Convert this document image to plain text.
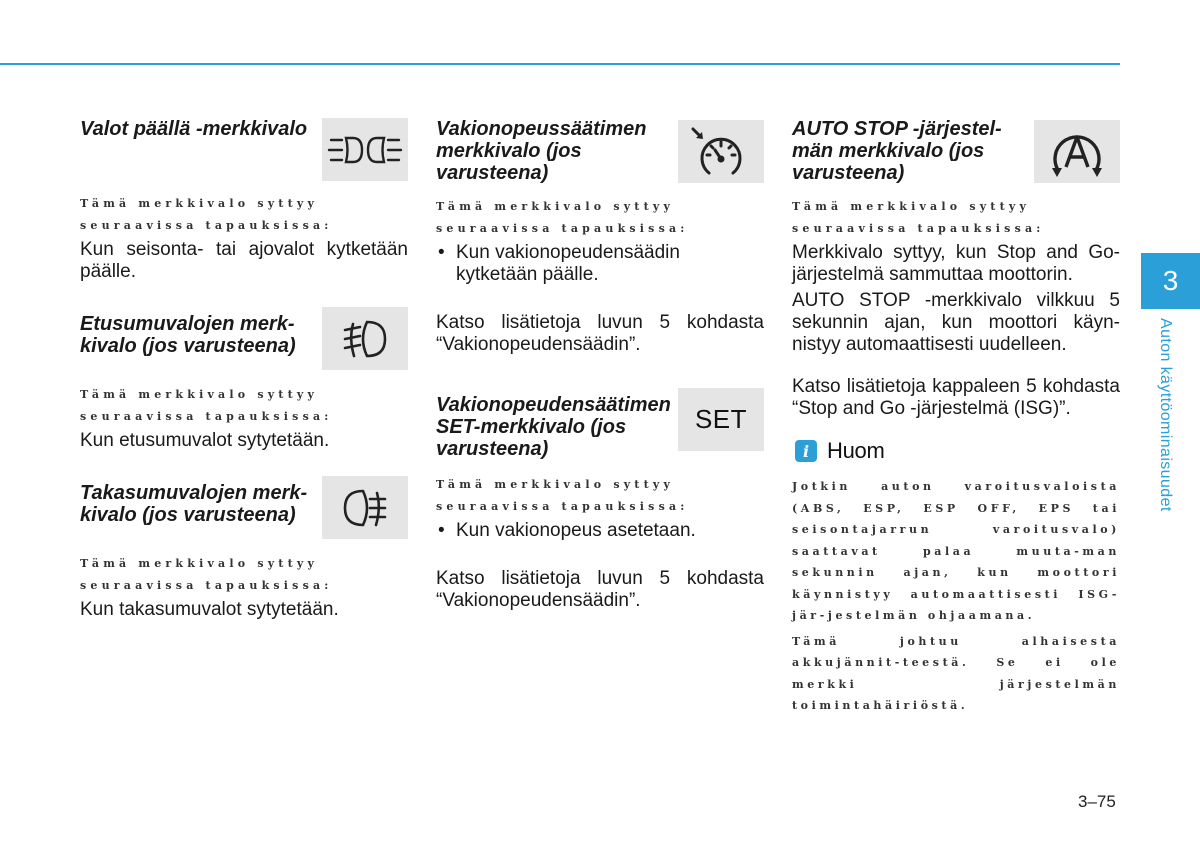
Valot päällä -merkkivalo
Tämä merkkivalo syttyy seuraavissa tapauksissa:
Kun seisonta- tai ajovalot kytketään päälle.
Etusumuvalojen merk-kivalo (jos varusteena)
Tämä merkkivalo syttyy seuraavissa tapauksissa:
Kun etusumuvalot sytytetään.
Takasumuvalojen merk-kivalo (jos varusteena)
Tämä merkkivalo syttyy seuraavissa tapauksissa:
Kun takasumuvalot sytytetään.
Vakionopeussäätimen merkkivalo (jos varusteena)
Tämä merkkivalo syttyy seuraavissa tapauksissa:
• Kun vakionopeudensäädin kytketään päälle.
Katso lisätietoja luvun 5 kohdasta “Vakionopeudensäädin”.
Vakionopeudensäätimen SET-merkkivalo (jos varusteena)
SET
Tämä merkkivalo syttyy seuraavissa tapauksissa:
• Kun vakionopeus asetetaan.
Katso lisätietoja luvun 5 kohdasta “Vakionopeudensäädin”.
AUTO STOP -järjestel-män merkkivalo (jos varusteena)
Tämä merkkivalo syttyy seuraavissa tapauksissa:
Merkkivalo syttyy, kun Stop and Go-järjestelmä sammuttaa moottorin.
AUTO STOP -merkkivalo vilkkuu 5 sekunnin ajan, kun moottori käyn-nistyy automaattisesti uudelleen.
Katso lisätietoja kappaleen 5 kohdasta “Stop and Go -järjestelmä (ISG)”.
i Huom
Jotkin auton varoitusvaloista (ABS, ESP, ESP OFF, EPS tai seisontajarrun varoitusvalo) saattavat palaa muuta-man sekunnin ajan, kun moottori käynnistyy automaattisesti ISG-jär-jestelmän ohjaamana.
Tämä johtuu alhaisesta akkujännit-teestä. Se ei ole merkki järjestelmän toimintahäiriöstä.
3
Auton käyttöominaisuudet
3–75
